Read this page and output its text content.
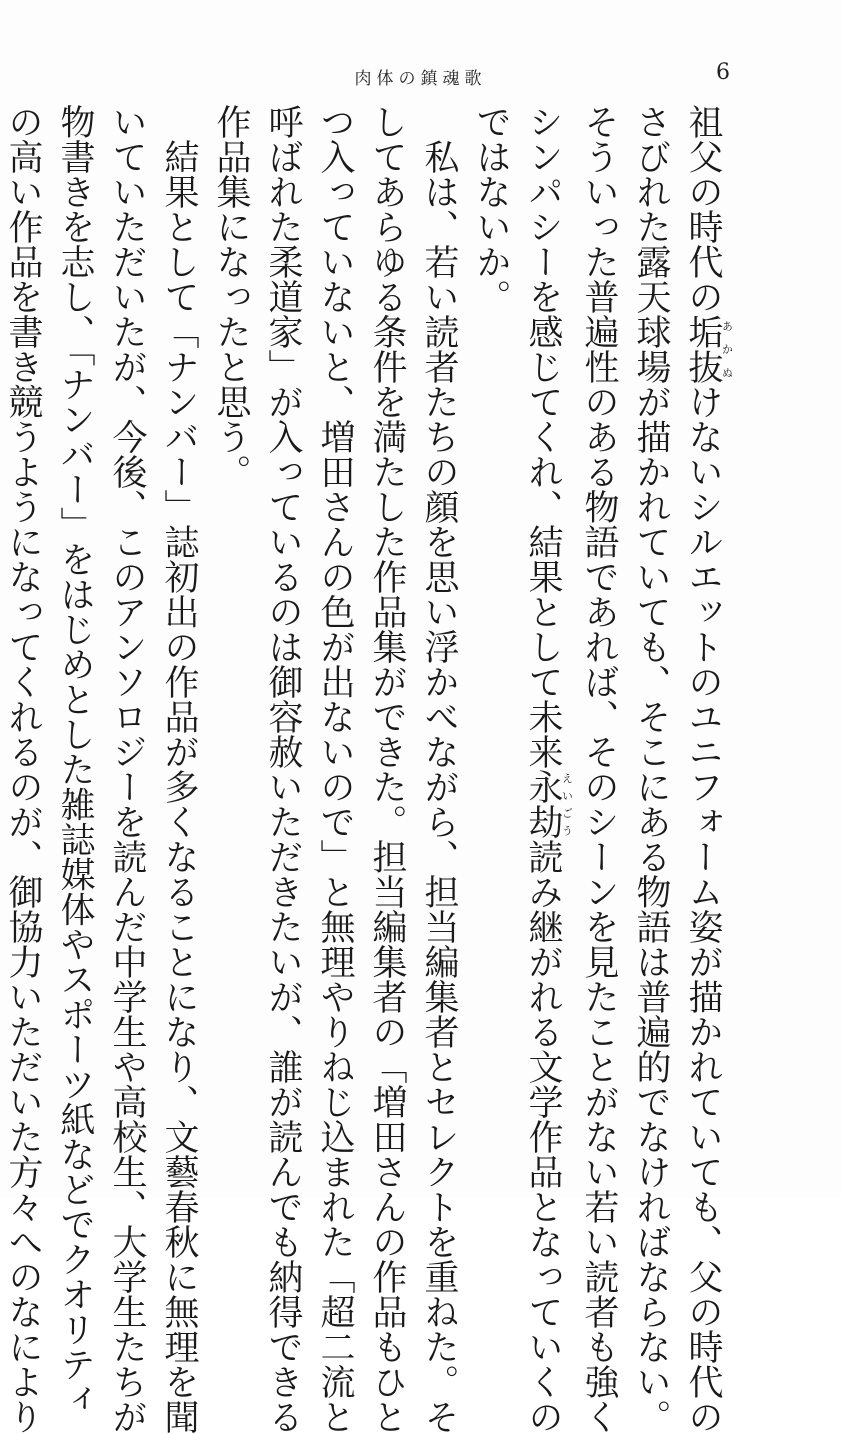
6
肉体の鎮魂歌
祖父の時代の垢抜あかぬけないシルエットのユニフォーム姿が描かれていても、父の時代の
さびれた露天球場が描かれていても、そこにある物語は普遍的でなければならない。
そういった普遍性のある物語であれば、そのシーンを見たことがない若い読者も強く
シンパシーを感じてくれ、結果として未来永劫えいごう読み継がれる文学作品となっていくの
ではないか。
私は、若い読者たちの顔を思い浮かべながら、担当編集者とセレクトを重ねた。そ
してあらゆる条件を満たした作品集ができた。担当編集者の「増田さんの作品もひと
つ入っていないと、増田さんの色が出ないので」と無理やりねじ込まれた「超二流と
呼ばれた柔道家」が入っているのは御容赦いただきたいが、誰が読んでも納得できる
作品集になったと思う。
結果として「ナンバー」誌初出の作品が多くなることになり、文藝春秋に無理を聞
いていただいたが、今後、このアンソロジーを読んだ中学生や高校生、大学生たちが
物書きを志し、「ナンバー」をはじめとした雑誌媒体やスポーツ紙などでクオリティ
の高い作品を書き競うようになってくれるのが、御協力いただいた方々へのなにより
